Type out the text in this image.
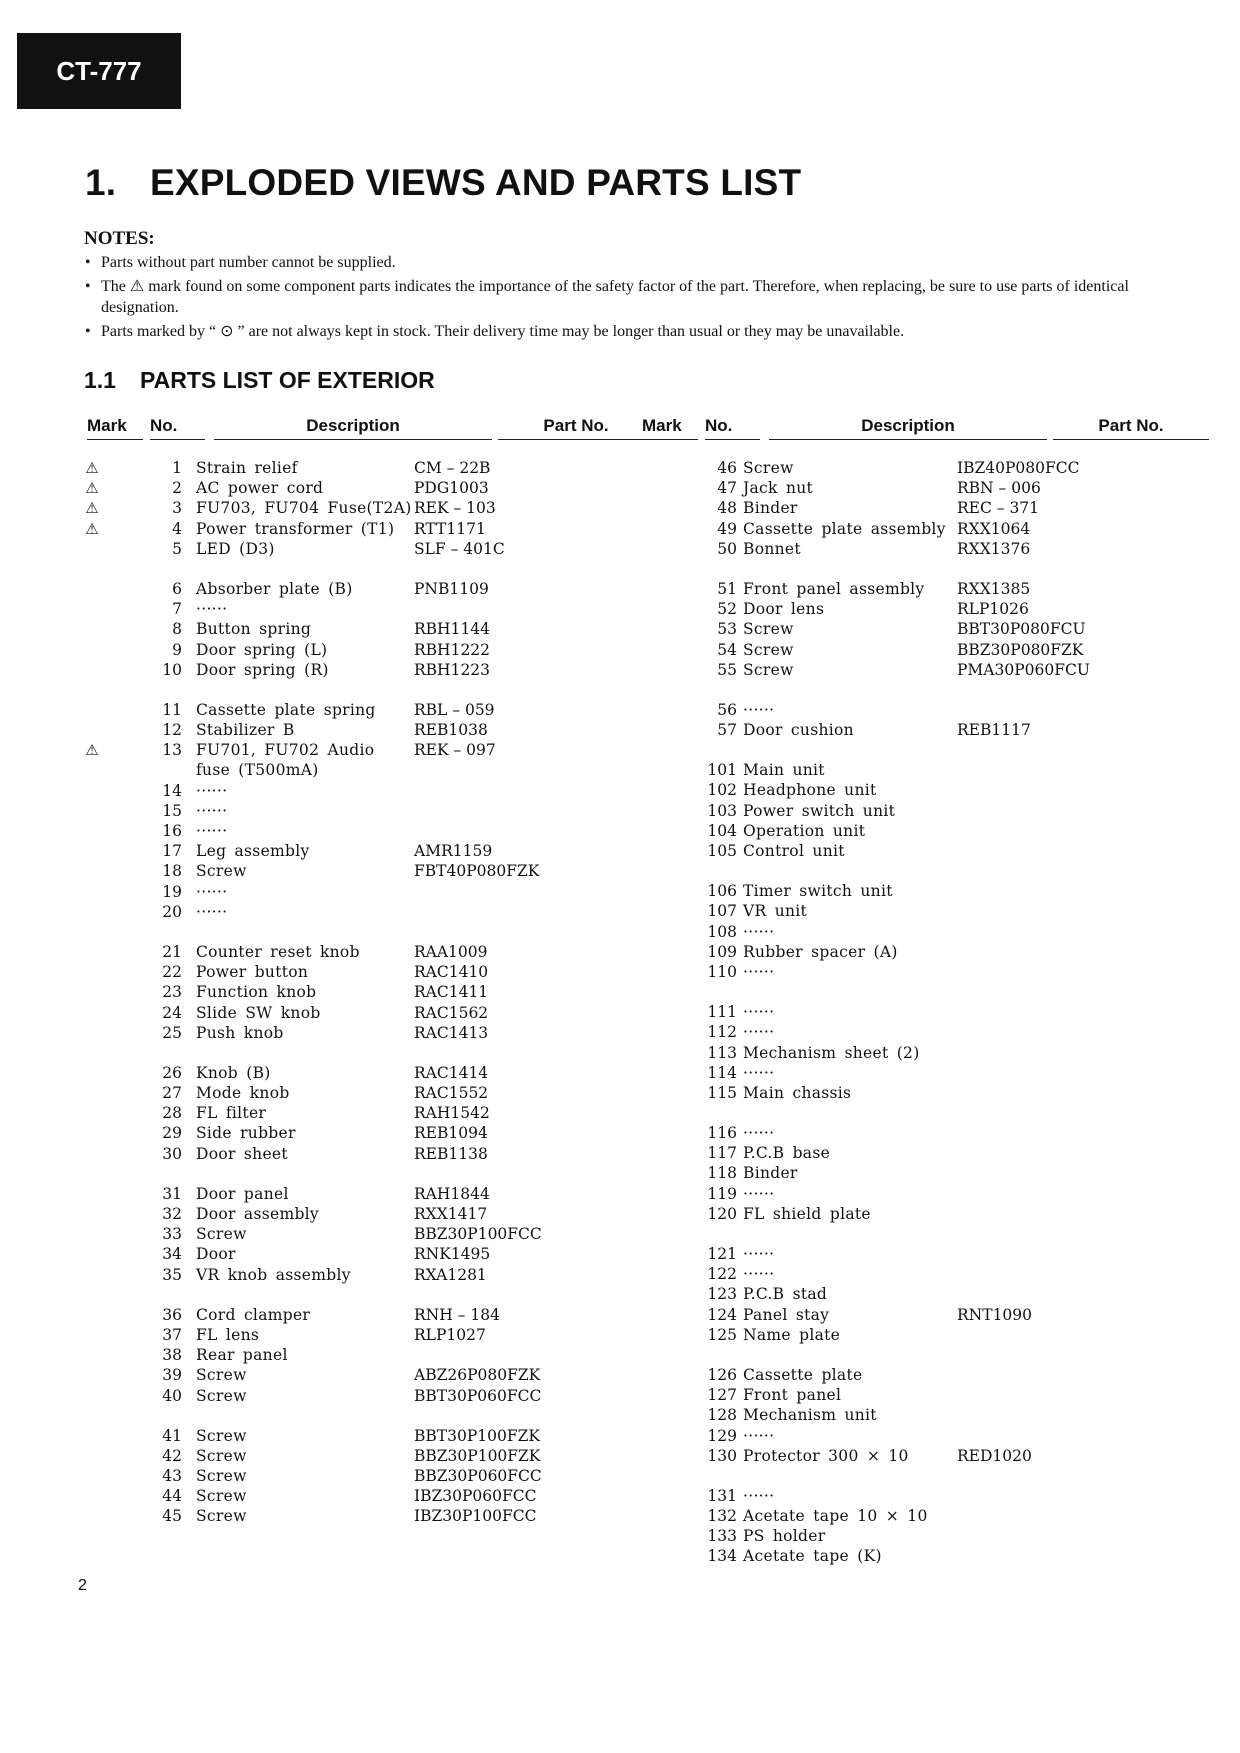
CT-777
1. EXPLODED VIEWS AND PARTS LIST
NOTES:
• Parts without part number cannot be supplied.
• The ⚠ mark found on some component parts indicates the importance of the safety factor of the part. Therefore, when replacing, be sure to use parts of identical designation.
• Parts marked by “ ⊙ ” are not always kept in stock. Their delivery time may be longer than usual or they may be unavailable.
1.1 PARTS LIST OF EXTERIOR
Mark	No.	Description	Part No.
⚠	1 Strain relief	CM – 22B
⚠	2 AC power cord	PDG1003
⚠	3 FU703, FU704 Fuse(T2A) REK – 103
⚠	4 Power transformer (T1) RTT1171
5 LED (D3)	SLF – 401C
6 Absorber plate (B)	PNB1109
7 ······
8 Button spring	RBH1144
9 Door spring (L)	RBH1222
10 Door spring (R)	RBH1223
11 Cassette plate spring RBL – 059
12 Stabilizer B	REB1038
⚠	13 FU701, FU702 Audio	REK – 097
fuse (T500mA)
14 ······
15 ······
16 ······
17 Leg assembly	AMR1159
18 Screw	FBT40P080FZK
19 ······
20 ······
21 Counter reset knob	RAA1009
22 Power button	RAC1410
23 Function knob	RAC1411
24 Slide SW knob	RAC1562
25 Push knob	RAC1413
26 Knob (B)	RAC1414
27 Mode knob	RAC1552
28 FL filter	RAH1542
29 Side rubber	REB1094
30 Door sheet	REB1138
31 Door panel	RAH1844
32 Door assembly	RXX1417
33 Screw	BBZ30P100FCC
34 Door	RNK1495
35 VR knob assembly	RXA1281
36 Cord clamper	RNH – 184
37 FL lens	RLP1027
38 Rear panel
39 Screw	ABZ26P080FZK
40 Screw	BBT30P060FCC
41 Screw	BBT30P100FZK
42 Screw	BBZ30P100FZK
43 Screw	BBZ30P060FCC
44 Screw	IBZ30P060FCC
45 Screw	IBZ30P100FCC
Mark	No.	Description	Part No.
46 Screw	IBZ40P080FCC
47 Jack nut	RBN – 006
48 Binder	REC – 371
49 Cassette plate assembly RXX1064
50 Bonnet	RXX1376
51 Front panel assembly RXX1385
52 Door lens	RLP1026
53 Screw	BBT30P080FCU
54 Screw	BBZ30P080FZK
55 Screw	PMA30P060FCU
56 ······
57 Door cushion	REB1117
101 Main unit
102 Headphone unit
103 Power switch unit
104 Operation unit
105 Control unit
106 Timer switch unit
107 VR unit
108 ······
109 Rubber spacer (A)
110 ······
111 ······
112 ······
113 Mechanism sheet (2)
114 ······
115 Main chassis
116 ······
117 P.C.B base
118 Binder
119 ······
120 FL shield plate
121 ······
122 ······
123 P.C.B stad
124 Panel stay	RNT1090
125 Name plate
126 Cassette plate
127 Front panel
128 Mechanism unit
129 ······
130 Protector 300 × 10	RED1020
131 ······
132 Acetate tape 10 × 10
133 PS holder
134 Acetate tape (K)
2
